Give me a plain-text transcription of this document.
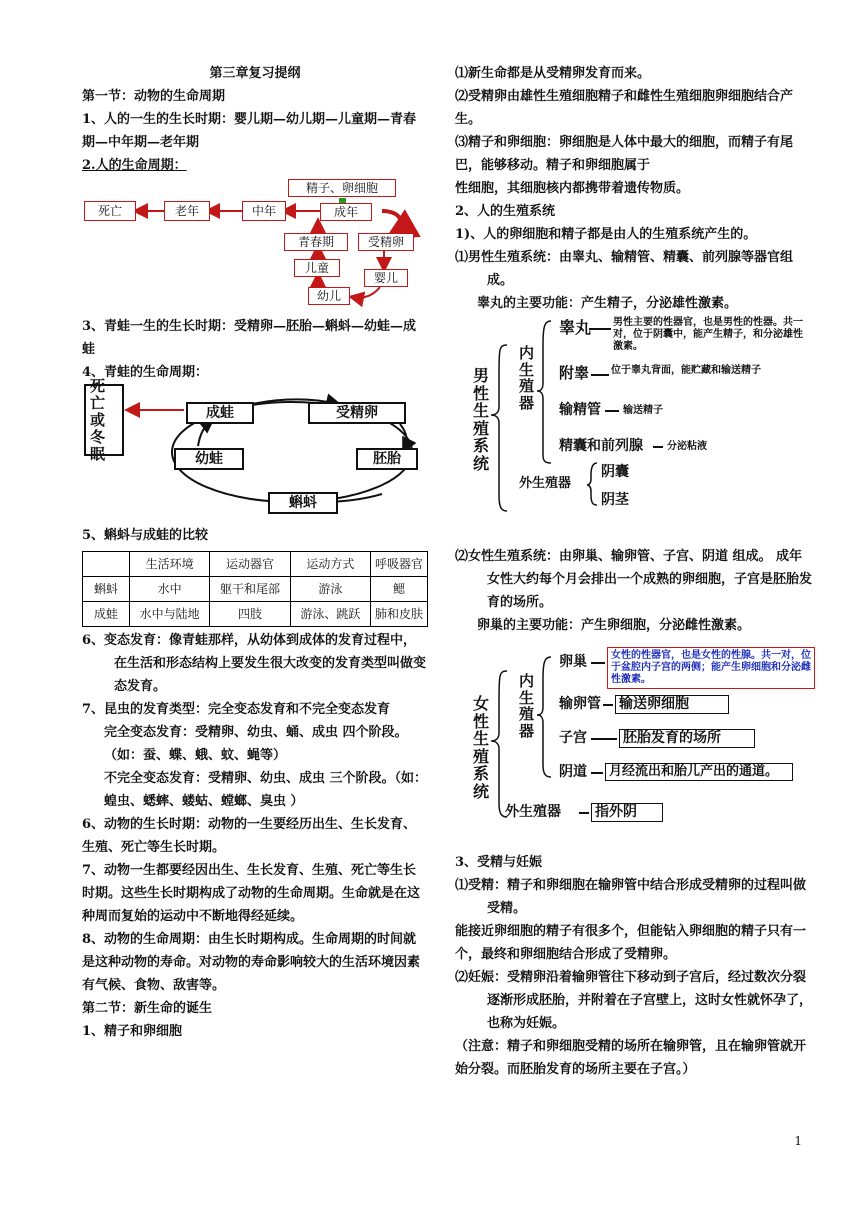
第三章复习提纲

第一节：动物的生命周期

1、人的一生的生长时期：婴儿期—幼儿期—儿童期—青春期—中年期—老年期

2.人的生命周期：

死亡	老年	中年
精子、卵细胞
成年
青春期	受精卵
儿童
婴儿
幼儿

3、青蛙一生的生长时期：受精卵—胚胎—蝌蚪—幼蛙—成蛙

4、青蛙的生命周期：

死亡或冬眠
成蛙	受精卵
胚胎
幼蛙
蝌蚪

5、蝌蚪与成蛙的比较

	生活环境	运动器官	运动方式	呼吸器官
蝌蚪	水中	躯干和尾部	游泳	鳃
成蛙	水中与陆地	四肢	游泳、跳跃	肺和皮肤

6、变态发育：像青蛙那样，从幼体到成体的发育过程中，在生活和形态结构上要发生很大改变的发育类型叫做变态发育。

7、昆虫的发育类型：完全变态发育和不完全变态发育

完全变态发育：受精卵、幼虫、蛹、成虫 四个阶段。（如：蚕、蝶、蛾、蚊、蝇等）

不完全变态发育：受精卵、幼虫、成虫 三个阶段。（如：蝗虫、蟋蟀、蝼蛄、螳螂、臭虫 ）

6、动物的生长时期：动物的一生要经历出生、生长发育、生殖、死亡等生长时期。

7、动物一生都要经因出生、生长发育、生殖、死亡等生长时期。这些生长时期构成了动物的生命周期。生命就是在这种周而复始的运动中不断地得经延续。

8、动物的生命周期：由生长时期构成。生命周期的时间就是这种动物的寿命。对动物的寿命影响较大的生活环境因素有气候、食物、敌害等。

第二节：新生命的诞生

1、精子和卵细胞

⑴新生命都是从受精卵发育而来。

⑵受精卵由雄性生殖细胞精子和雌性生殖细胞卵细胞结合产生。

⑶精子和卵细胞：卵细胞是人体中最大的细胞，而精子有尾巴，能够移动。精子和卵细胞属于

性细胞，其细胞核内都携带着遗传物质。

2、人的生殖系统

1)、人的卵细胞和精子都是由人的生殖系统产生的。

⑴男性生殖系统：由睾丸、输精管、精囊、前列腺等器官组成。

睾丸的主要功能：产生精子，分泌雄性激素。

男性生殖系统
内生殖器
睾丸 男性主要的性器官，也是男性的性器。共一对，位于阴囊中，能产生精子，和分泌雄性激素。
附睾 位于睾丸背面，能贮藏和输送精子
输精管 输送精子
精囊和前列腺 分泌粘液
外生殖器
阴囊
阴茎

⑵女性生殖系统：由卵巢、输卵管、子宫、阴道 组成。 成年女性大约每个月会排出一个成熟的卵细胞，子宫是胚胎发育的场所。

卵巢的主要功能：产生卵细胞，分泌雌性激素。

女性生殖系统
内生殖器
卵巢	女性的性器官，也是女性的性腺。共一对，位于盆腔内子宫的两侧；能产生卵细胞和分泌雌性激素。
输卵管 输送卵细胞
子宫	胚胎发育的场所
阴道	月经流出和胎儿产出的通道。
外生殖器 指外阴

3、受精与妊娠

⑴受精：精子和卵细胞在输卵管中结合形成受精卵的过程叫做受精。

能接近卵细胞的精子有很多个，但能钻入卵细胞的精子只有一个，最终和卵细胞结合形成了受精卵。

⑵妊娠：受精卵沿着输卵管往下移动到子宫后，经过数次分裂逐渐形成胚胎，并附着在子宫壁上，这时女性就怀孕了，也称为妊娠。

（注意：精子和卵细胞受精的场所在输卵管，且在输卵管就开始分裂。而胚胎发育的场所主要在子宫。）

1
